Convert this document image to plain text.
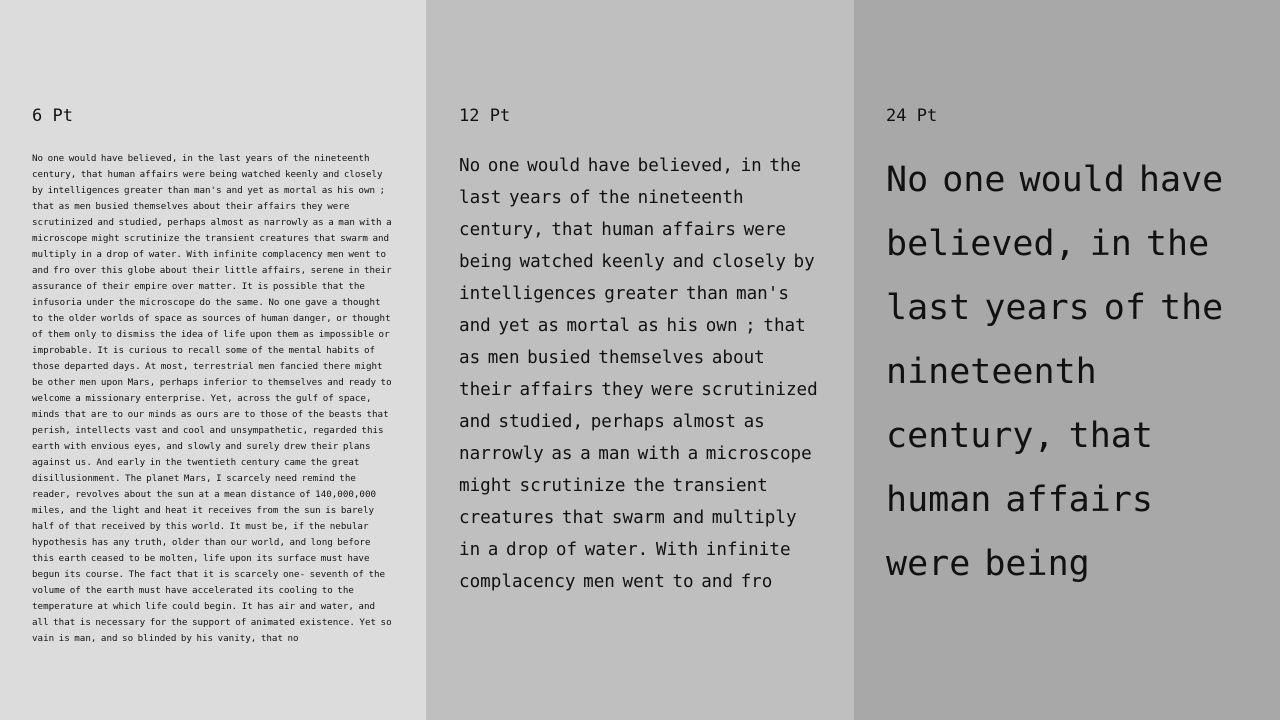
6 Pt

No one would have believed, in the last years of the nineteenth century, that human affairs were being watched keenly and closely by intelligences greater than man's and yet as mortal as his own ; that as men busied themselves about their affairs they were scrutinized and studied, perhaps almost as narrowly as a man with a microscope might scrutinize the transient creatures that swarm and multiply in a drop of water. With infinite complacency men went to and fro over this globe about their little affairs, serene in their assurance of their empire over matter. It is possible that the infusoria under the microscope do the same. No one gave a thought to the older worlds of space as sources of human danger, or thought of them only to dismiss the idea of life upon them as impossible or improbable. It is curious to recall some of the mental habits of those departed days. At most, terrestrial men fancied there might be other men upon Mars, perhaps inferior to themselves and ready to welcome a missionary enterprise. Yet, across the gulf of space, minds that are to our minds as ours are to those of the beasts that perish, intellects vast and cool and unsympathetic, regarded this earth with envious eyes, and slowly and surely drew their plans against us. And early in the twentieth century came the great disillusionment. The planet Mars, I scarcely need remind the reader, revolves about the sun at a mean distance of 140,000,000 miles, and the light and heat it receives from the sun is barely half of that received by this world. It must be, if the nebular hypothesis has any truth, older than our world, and long before this earth ceased to be molten, life upon its surface must have begun its course. The fact that it is scarcely one- seventh of the volume of the earth must have accelerated its cooling to the temperature at which life could begin. It has air and water, and all that is necessary for the support of animated existence. Yet so vain is man, and so blinded by his vanity, that no

12 Pt

No one would have believed, in the last years of the nineteenth century, that human affairs were being watched keenly and closely by intelligences greater than man's and yet as mortal as his own ; that as men busied themselves about their affairs they were scrutinized and studied, perhaps almost as narrowly as a man with a microscope might scrutinize the transient creatures that swarm and multiply in a drop of water. With infinite complacency men went to and fro

24 Pt

No one would have believed, in the last years of the nineteenth century, that human affairs were being
